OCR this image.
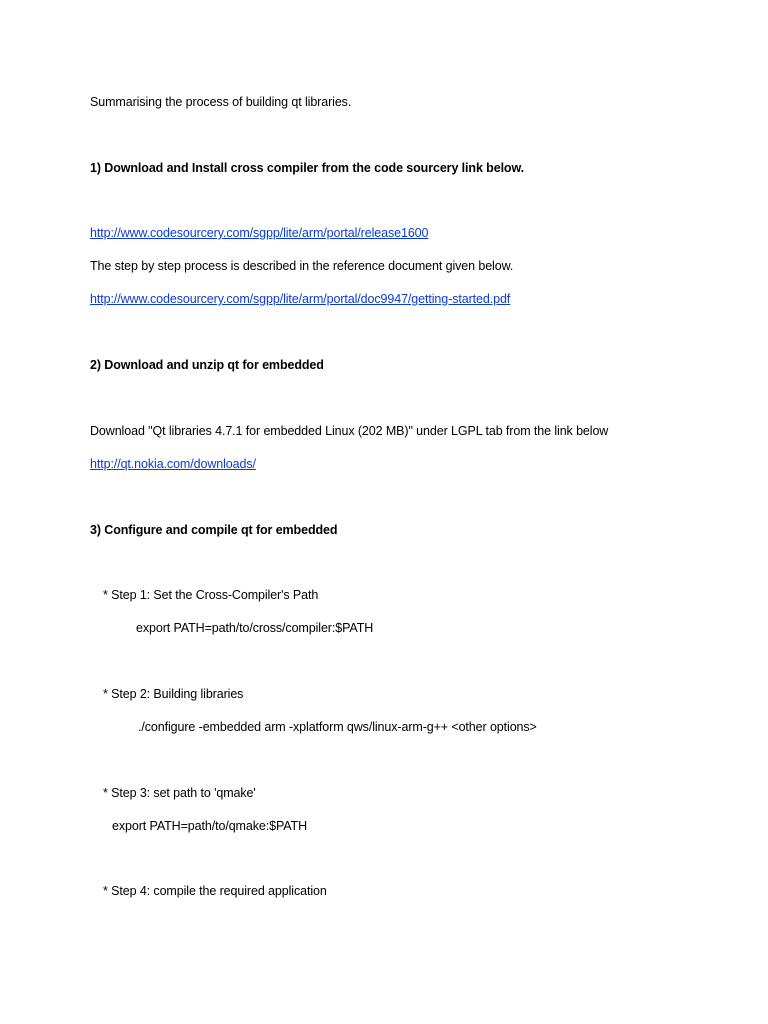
Summarising the process of building qt libraries.
1) Download and Install cross compiler from the code sourcery link below.
http://www.codesourcery.com/sgpp/lite/arm/portal/release1600
The step by step process is described in the reference document given below.
http://www.codesourcery.com/sgpp/lite/arm/portal/doc9947/getting-started.pdf
2) Download and unzip qt for embedded
Download "Qt libraries 4.7.1 for embedded Linux (202 MB)" under LGPL tab from the link below
http://qt.nokia.com/downloads/
3) Configure and compile qt for embedded
* Step 1: Set the Cross-Compiler's Path
export PATH=path/to/cross/compiler:$PATH
* Step 2: Building libraries
./configure -embedded arm -xplatform qws/linux-arm-g++ <other options>
* Step 3: set path to 'qmake'
export PATH=path/to/qmake:$PATH
* Step 4: compile the required application
